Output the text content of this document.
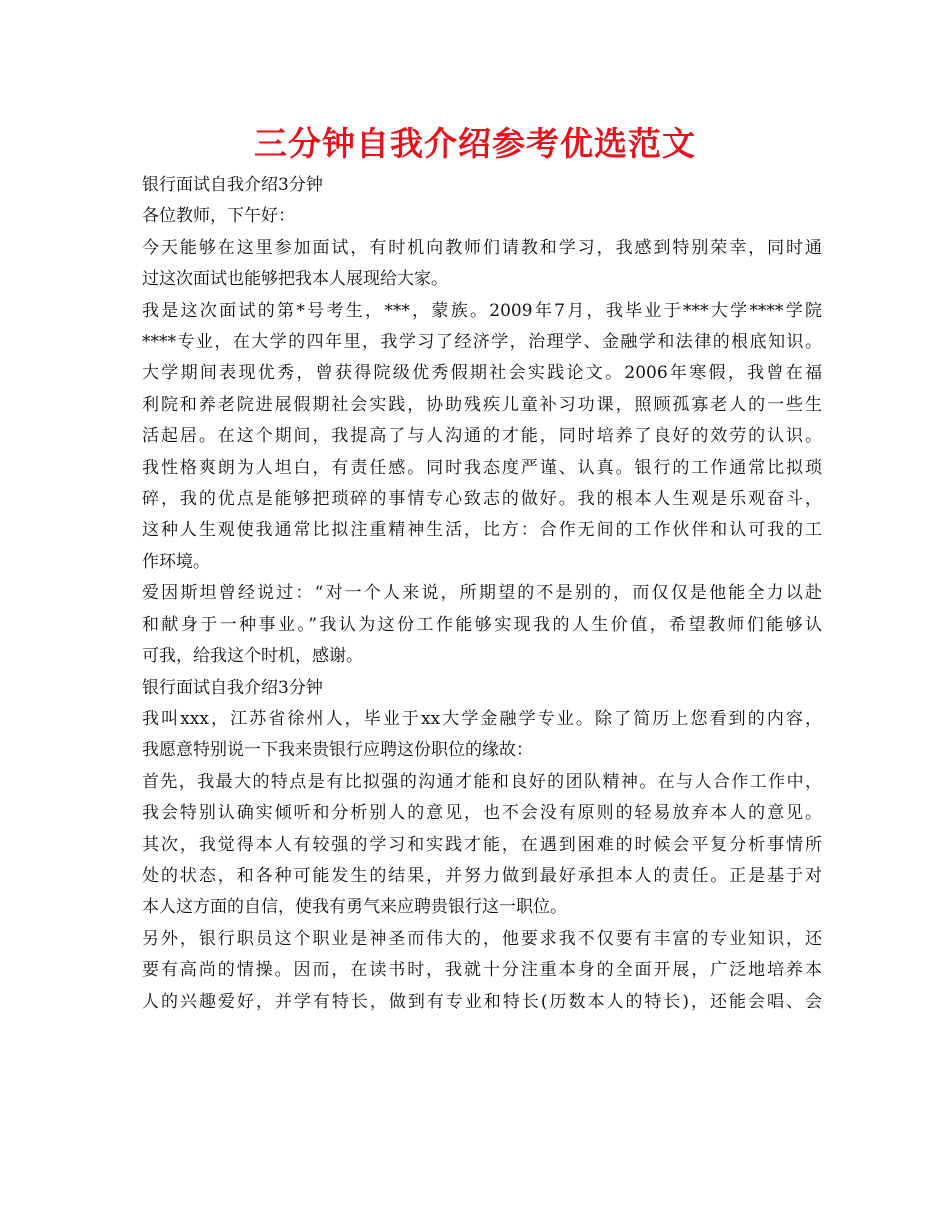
三分钟自我介绍参考优选范文
银行面试自我介绍3分钟
各位教师，下午好：
今天能够在这里参加面试，有时机向教师们请教和学习，我感到特别荣幸，同时通
过这次面试也能够把我本人展现给大家。
我是这次面试的第*号考生，***，蒙族。2009年7月，我毕业于***大学****学院
****专业，在大学的四年里，我学习了经济学，治理学、金融学和法律的根底知识。
大学期间表现优秀，曾获得院级优秀假期社会实践论文。2006年寒假，我曾在福
利院和养老院进展假期社会实践，协助残疾儿童补习功课，照顾孤寡老人的一些生
活起居。在这个期间，我提高了与人沟通的才能，同时培养了良好的效劳的认识。
我性格爽朗为人坦白，有责任感。同时我态度严谨、认真。银行的工作通常比拟琐
碎，我的优点是能够把琐碎的事情专心致志的做好。我的根本人生观是乐观奋斗，
这种人生观使我通常比拟注重精神生活，比方：合作无间的工作伙伴和认可我的工
作环境。
爱因斯坦曾经说过：“对一个人来说，所期望的不是别的，而仅仅是他能全力以赴
和献身于一种事业。”我认为这份工作能够实现我的人生价值，希望教师们能够认
可我，给我这个时机，感谢。
银行面试自我介绍3分钟
我叫xxx，江苏省徐州人，毕业于xx大学金融学专业。除了简历上您看到的内容，
我愿意特别说一下我来贵银行应聘这份职位的缘故：
首先，我最大的特点是有比拟强的沟通才能和良好的团队精神。在与人合作工作中，
我会特别认确实倾听和分析别人的意见，也不会没有原则的轻易放弃本人的意见。
其次，我觉得本人有较强的学习和实践才能，在遇到困难的时候会平复分析事情所
处的状态，和各种可能发生的结果，并努力做到最好承担本人的责任。正是基于对
本人这方面的自信，使我有勇气来应聘贵银行这一职位。
另外，银行职员这个职业是神圣而伟大的，他要求我不仅要有丰富的专业知识，还
要有高尚的情操。因而，在读书时，我就十分注重本身的全面开展，广泛地培养本
人的兴趣爱好，并学有特长，做到有专业和特长(历数本人的特长)，还能会唱、会
